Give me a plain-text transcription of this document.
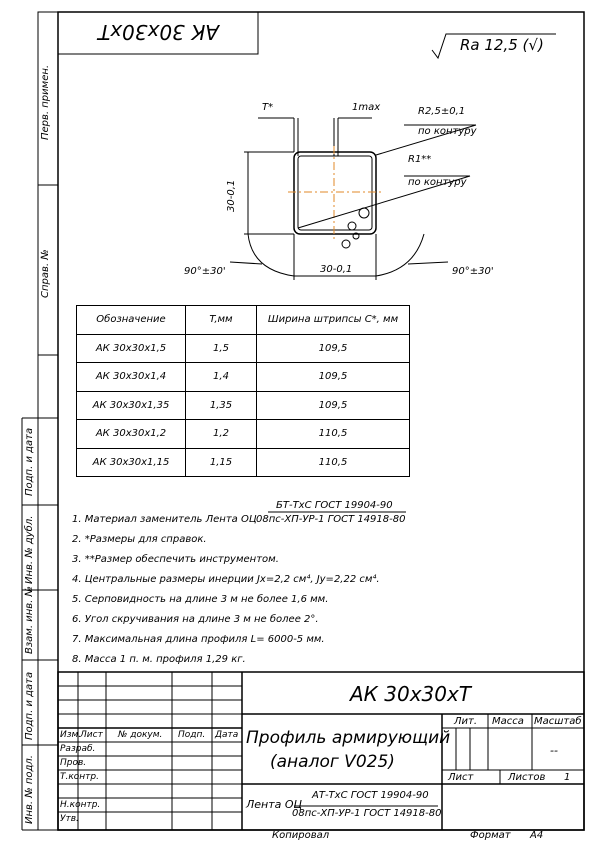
АК 30x30xТ
Ra 12,5 (√)
T*	1max	R2,5±0,1
по контуру
R1**
по контуру
30-0,1
30-0,1
90°±30'	90°±30'
Обозначение	T,мм	Ширина штрипсы C*, мм
АК 30x30x1,5	1,5	109,5
АК 30x30x1,4	1,4	109,5
АК 30x30x1,35	1,35	109,5
АК 30x30x1,2	1,2	110,5
АК 30x30x1,15	1,15	110,5
1. Материал заменитель Лента ОЦ
БТ-ТхС ГОСТ 19904-90
08пс-ХП-УР-1 ГОСТ 14918-80
2. *Размеры для справок.
3. **Размер обеспечить инструментом.
4. Центральные размеры инерции Jx=2,2 см⁴, Jy=2,22 см⁴.
5. Серповидность на длине 3 м не более 1,6 мм.
6. Угол скручивания на длине 3 м не более 2°.
7. Максимальная длина профиля L= 6000-5 мм.
8. Масса 1 п. м. профиля 1,29 кг.
Перв. примен.
Справ. №
Подп. и дата
Инв. № дубл.
Взам. инв. №
Подп. и дата
Инв. № подл.
АК 30x30xТ
Профиль армирующий
(аналог V025)
Лит. Масса Масштаб
--
Лист	Листов 1
Изм.
Лист № докум. Подп. Дата
Разраб.
Пров.
Т.контр.
Н.контр.
Утв.
Лента ОЦ
АТ-ТхС ГОСТ 19904-90
08пс-ХП-УР-1 ГОСТ 14918-80
Копировал	Формат A4
